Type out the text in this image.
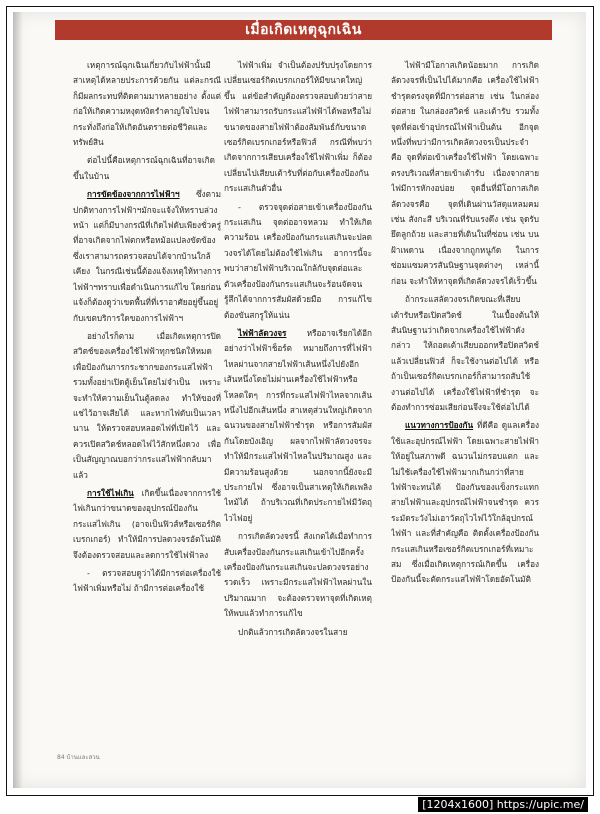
เมื่อเกิดเหตุฉุกเฉิน

เหตุการณ์ฉุกเฉินเกี่ยวกับไฟฟ้านั้นมีสาเหตุได้หลายประการด้วยกัน แต่ละกรณีก็มีผลกระทบที่ติดตามมาหลายอย่าง ตั้งแต่ก่อให้เกิดความหงุดหงิดรำคาญใจไปจนกระทั่งถึงก่อให้เกิดอันตรายต่อชีวิตและทรัพย์สิน

ต่อไปนี้คือเหตุการณ์ฉุกเฉินที่อาจเกิดขึ้นในบ้าน

การขัดข้องจากการไฟฟ้าฯ ซึ่งตามปกติทางการไฟฟ้าฯมักจะแจ้งให้ทราบล่วงหน้า แต่ก็มีบางกรณีที่เกิดไฟดับเพียงชั่วครู่ ที่อาจเกิดจากไฟตกหรือหม้อแปลงขัดข้อง ซึ่งเราสามารถตรวจสอบได้จากบ้านใกล้เคียง ในกรณีเช่นนี้ต้องแจ้งเหตุให้ทางการไฟฟ้าฯทราบเพื่อดำเนินการแก้ไข โดยก่อนแจ้งก็ต้องดูว่าเขตพื้นที่ที่เราอาศัยอยู่ขึ้นอยู่กับเขตบริการใดของการไฟฟ้าฯ

อย่างไรก็ตาม เมื่อเกิดเหตุการปิดสวิตช์ของเครื่องใช้ไฟฟ้าทุกชนิดให้หมดเพื่อป้องกันการกระชากของกระแสไฟฟ้า รวมทั้งอย่าเปิดตู้เย็นโดยไม่จำเป็น เพราะจะทำให้ความเย็นในตู้ลดลง ทำให้ของที่แช่ไว้อาจเสียได้ และหากไฟดับเป็นเวลานาน ให้ตรวจสอบหลอดไฟที่เปิดไว้ และควรเปิดสวิตช์หลอดไฟไว้สักหนึ่งดวง เพื่อเป็นสัญญาณบอกว่ากระแสไฟฟ้ากลับมาแล้ว

การใช้ไฟเกิน เกิดขึ้นเนื่องจากการใช้ไฟเกินกว่าขนาดของอุปกรณ์ป้องกันกระแสไฟเกิน (อาจเป็นฟิวส์หรือเซอร์กิตเบรกเกอร์) ทำให้มีการปลดวงจรอัตโนมัติ จึงต้องตรวจสอบและลดการใช้ไฟฟ้าลง

- ตรวจสอบดูว่าได้มีการต่อเครื่องใช้ไฟฟ้าเพิ่มหรือไม่ ถ้ามีการต่อเครื่องใช้

ไฟฟ้าเพิ่ม จำเป็นต้องปรับปรุงโดยการเปลี่ยนเซอร์กิตเบรกเกอร์ให้มีขนาดใหญ่ขึ้น แต่ข้อสำคัญต้องตรวจสอบด้วยว่าสายไฟฟ้าสามารถรับกระแสไฟฟ้าได้พอหรือไม่ ขนาดของสายไฟฟ้าต้องสัมพันธ์กับขนาดเซอร์กิตเบรกเกอร์หรือฟิวส์ กรณีที่พบว่าเกิดจากการเสียบเครื่องใช้ไฟฟ้าเพิ่ม ก็ต้องเปลี่ยนไปเสียบเต้ารับที่ต่อกับเครื่องป้องกันกระแสเกินตัวอื่น

- ตรวจจุดต่อสายเข้าเครื่องป้องกันกระแสเกิน จุดต่ออาจหลวม ทำให้เกิดความร้อน เครื่องป้องกันกระแสเกินจะปลดวงจรได้โดยไม่ต้องใช้ไฟเกิน อาการนี้จะพบว่าสายไฟฟ้าบริเวณใกล้กับจุดต่อและตัวเครื่องป้องกันกระแสเกินจะร้อนจัดจนรู้สึกได้จากการสัมผัสด้วยมือ การแก้ไขต้องขันสกรูให้แน่น

ไฟฟ้าลัดวงจร หรืออาจเรียกได้อีกอย่างว่าไฟฟ้าช็อร์ต หมายถึงการที่ไฟฟ้าไหลผ่านจากสายไฟฟ้าเส้นหนึ่งไปยังอีกเส้นหนึ่งโดยไม่ผ่านเครื่องใช้ไฟฟ้าหรือโหลดใดๆ การที่กระแสไฟฟ้าไหลจากเส้นหนึ่งไปอีกเส้นหนึ่ง สาเหตุส่วนใหญ่เกิดจากฉนวนของสายไฟฟ้าชำรุด หรือการสัมผัสกันโดยบังเอิญ ผลจากไฟฟ้าลัดวงจรจะทำให้มีกระแสไฟฟ้าไหลในปริมาณสูง และมีความร้อนสูงด้วย นอกจากนี้ยังจะมีประกายไฟ ซึ่งอาจเป็นสาเหตุให้เกิดเพลิงไหม้ได้ ถ้าบริเวณที่เกิดประกายไฟมีวัตถุไวไฟอยู่

การเกิดลัดวงจรนี้ สังเกตได้เมื่อทำการสับเครื่องป้องกันกระแสเกินเข้าไปอีกครั้ง เครื่องป้องกันกระแสเกินจะปลดวงจรอย่างรวดเร็ว เพราะมีกระแสไฟฟ้าไหลผ่านในปริมาณมาก จะต้องตรวจหาจุดที่เกิดเหตุให้พบแล้วทำการแก้ไข

ปกติแล้วการเกิดลัดวงจรในสาย

ไฟฟ้ามีโอกาสเกิดน้อยมาก การเกิดลัดวงจรที่เป็นไปได้มากคือ เครื่องใช้ไฟฟ้าชำรุดตรงจุดที่มีการต่อสาย เช่น ในกล่องต่อสาย ในกล่องสวิตช์ และเต้ารับ รวมทั้งจุดที่ต่อเข้าอุปกรณ์ไฟฟ้าเป็นต้น อีกจุดหนึ่งที่พบว่ามีการเกิดลัดวงจรเป็นประจำคือ จุดที่ต่อเข้าเครื่องใช้ไฟฟ้า โดยเฉพาะตรงบริเวณที่สายเข้าเต้ารับ เนื่องจากสายไฟมีการหักงอบ่อย จุดอื่นที่มีโอกาสเกิดลัดวงจรคือ จุดที่เดินผ่านวัสดุแหลมคม เช่น สังกะสี บริเวณที่รับแรงดึง เช่น จุดรับยึดลูกถ้วย และสายที่เดินในที่ซ่อน เช่น บนฝ้าเพดาน เนื่องจากถูกหนูกัด ในการซ่อมแซมควรสันนิษฐานจุดต่างๆ เหล่านี้ก่อน จะทำให้หาจุดที่เกิดลัดวงจรได้เร็วขึ้น

ถ้ากระแสลัดวงจรเกิดขณะที่เสียบเต้ารับหรือเปิดสวิตช์ ในเบื้องต้นให้สันนิษฐานว่าเกิดจากเครื่องใช้ไฟฟ้าดังกล่าว ให้ถอดเต้าเสียบออกหรือปิดสวิตช์ แล้วเปลี่ยนฟิวส์ ก็จะใช้งานต่อไปได้ หรือถ้าเป็นเซอร์กิตเบรกเกอร์ก็สามารถสับใช้งานต่อไปได้ เครื่องใช้ไฟฟ้าที่ชำรุด จะต้องทำการซ่อมเสียก่อนจึงจะใช้ต่อไปได้

แนวทางการป้องกัน ที่ดีคือ ดูแลเครื่องใช้และอุปกรณ์ไฟฟ้า โดยเฉพาะสายไฟฟ้าให้อยู่ในสภาพดี ฉนวนไม่กรอบแตก และไม่ใช้เครื่องใช้ไฟฟ้ามากเกินกว่าที่สายไฟฟ้าจะทนได้ ป้องกันของแข็งกระแทกสายไฟฟ้าและอุปกรณ์ไฟฟ้าจนชำรุด ควรระมัดระวังไม่เอาวัตถุไวไฟไว้ใกล้อุปกรณ์ไฟฟ้า และที่สำคัญคือ ติดตั้งเครื่องป้องกันกระแสเกินหรือเซอร์กิตเบรกเกอร์ที่เหมาะสม ซึ่งเมื่อเกิดเหตุการณ์เกิดขึ้น เครื่องป้องกันนี้จะตัดกระแสไฟฟ้าโดยอัตโนมัติ

84 บ้านและสวน
[1204x1600] https://upic.me/
